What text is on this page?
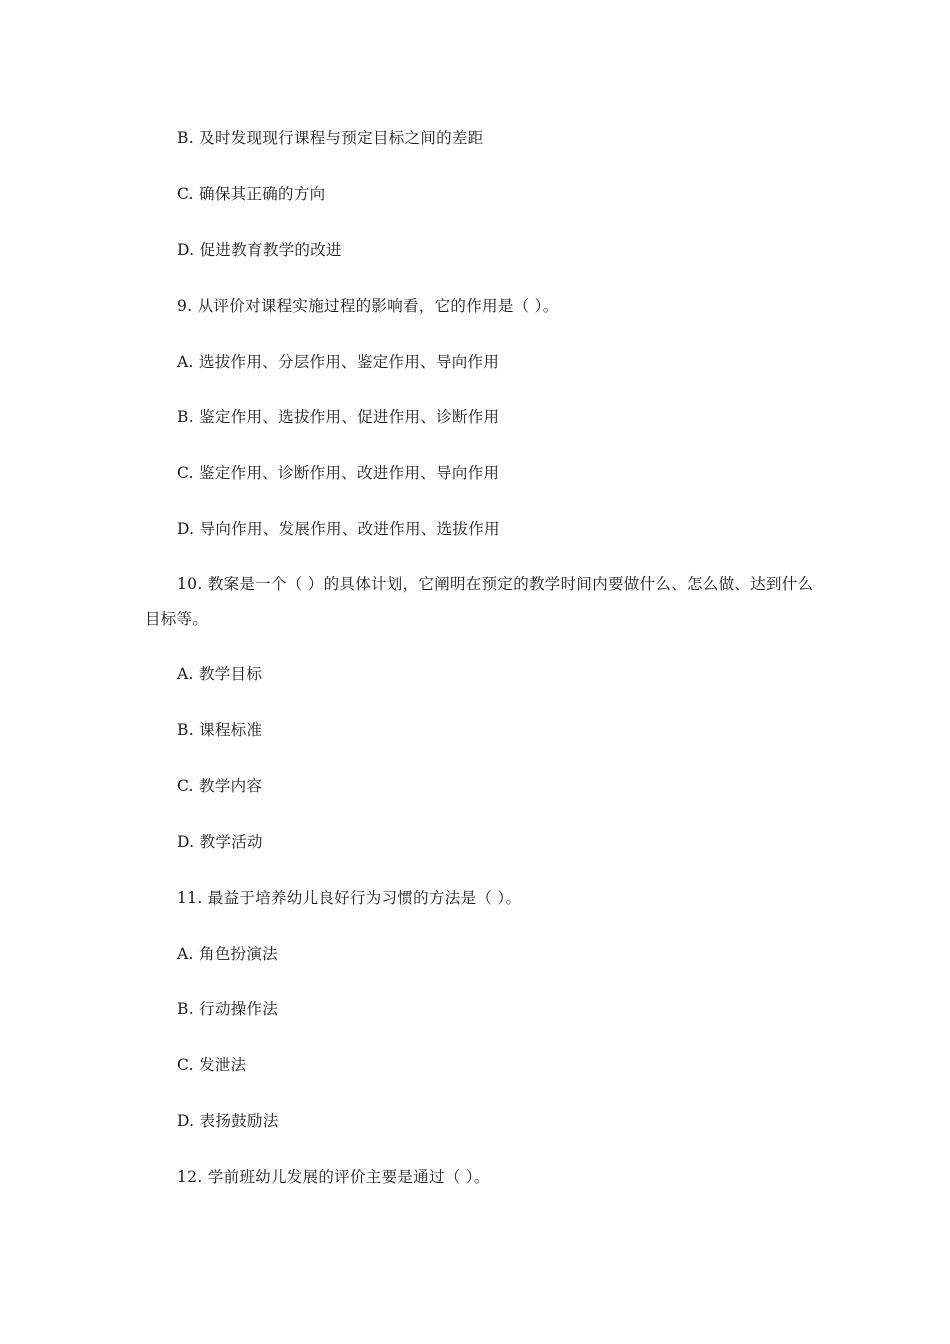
B. 及时发现现行课程与预定目标之间的差距
C. 确保其正确的方向
D. 促进教育教学的改进
9. 从评价对课程实施过程的影响看，它的作用是（ ）。
A. 选拔作用、分层作用、鉴定作用、导向作用
B. 鉴定作用、选拔作用、促进作用、诊断作用
C. 鉴定作用、诊断作用、改进作用、导向作用
D. 导向作用、发展作用、改进作用、选拔作用
10. 教案是一个（ ）的具体计划，它阐明在预定的教学时间内要做什么、怎么做、达到什么目标等。
A. 教学目标
B. 课程标准
C. 教学内容
D. 教学活动
11. 最益于培养幼儿良好行为习惯的方法是（ ）。
A. 角色扮演法
B. 行动操作法
C. 发泄法
D. 表扬鼓励法
12. 学前班幼儿发展的评价主要是通过（ ）。
